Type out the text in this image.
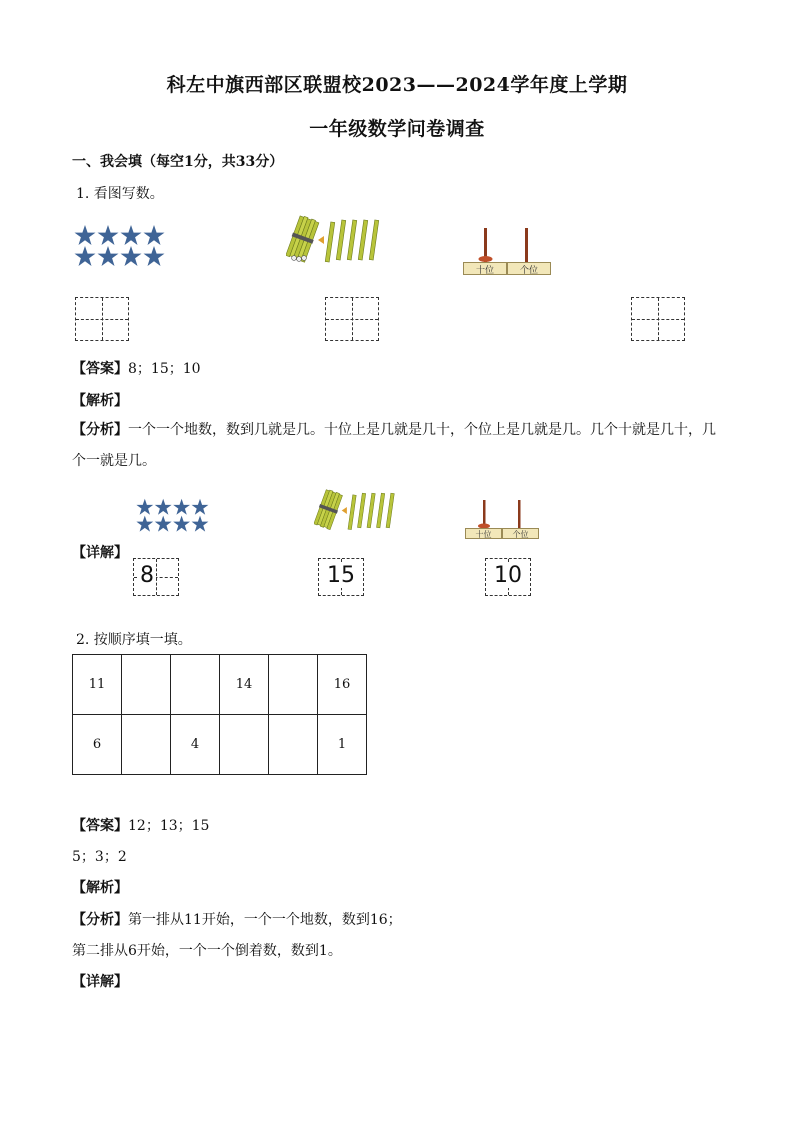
科左中旗西部区联盟校2023——2024学年度上学期
一年级数学问卷调查
一、我会填（每空1分，共33分）
1. 看图写数。
十位	个位
【答案】8；15；10
【解析】
【分析】一个一个地数，数到几就是几。十位上是几就是几十，个位上是几就是几。几个十就是几十，几个一就是几。
十位	个位
【详解】
8	15	10
2. 按顺序填一填。
11			14		16
6		4			1
【答案】12；13；15
5；3；2
【解析】
【分析】第一排从11开始，一个一个地数，数到16；
第二排从6开始，一个一个倒着数，数到1。
【详解】
